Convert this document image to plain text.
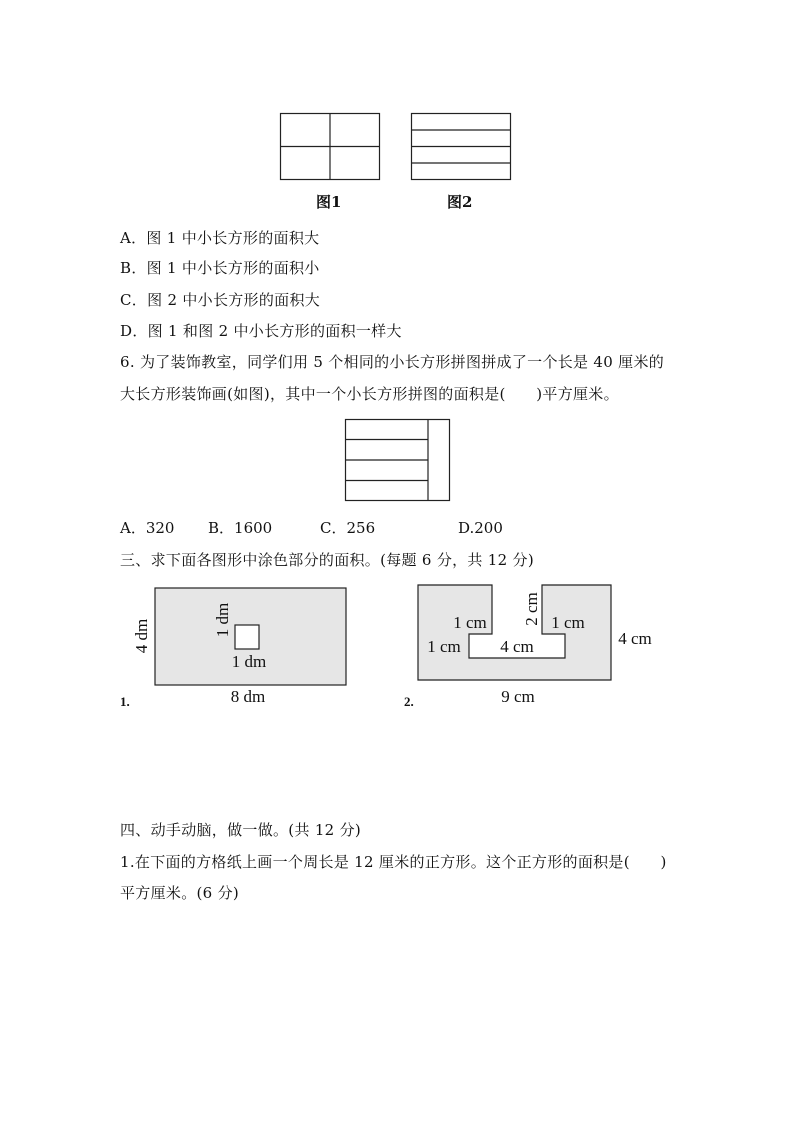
图1	图2
A．图 1 中小长方形的面积大
B．图 1 中小长方形的面积小
C．图 2 中小长方形的面积大
D．图 1 和图 2 中小长方形的面积一样大
6. 为了装饰教室，同学们用 5 个相同的小长方形拼图拼成了一个长是 40 厘米的
大长方形装饰画(如图)，其中一个小长方形拼图的面积是(　　)平方厘米。
A．320 B．1600	C．256	D.200
三、求下面各图形中涂色部分的面积。(每题 6 分，共 12 分)
4 dm	1 dm
1 dm
8 dm
1.
1 cm
1 cm
2 cm 1 cm
4 cm	4 cm
9 cm
2.
四、动手动脑，做一做。(共 12 分)
1.在下面的方格纸上画一个周长是 12 厘米的正方形。这个正方形的面积是(　　)
平方厘米。(6 分)
